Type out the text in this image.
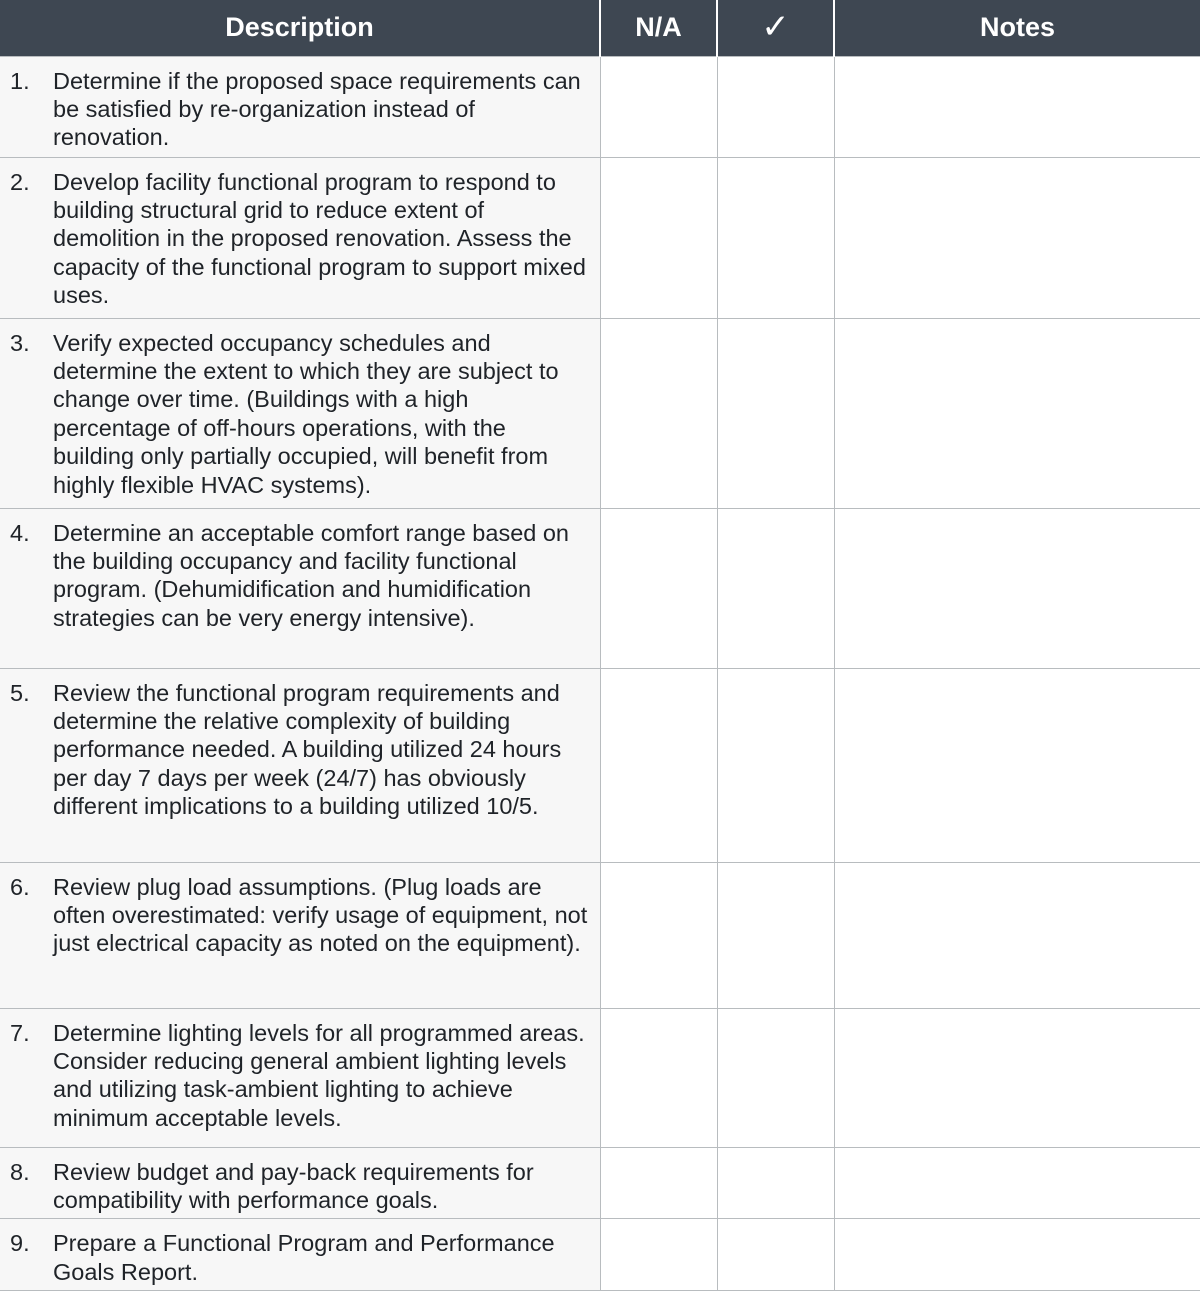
Description	N/A	✓	Notes

1. Determine if the proposed space requirements can be satisfied by re-organization instead of renovation.			

2. Develop facility functional program to respond to building structural grid to reduce extent of demolition in the proposed renovation. Assess the capacity of the functional program to support mixed uses.			

3. Verify expected occupancy schedules and determine the extent to which they are subject to change over time. (Buildings with a high percentage of off-hours operations, with the building only partially occupied, will benefit from highly flexible HVAC systems).			

4. Determine an acceptable comfort range based on the building occupancy and facility functional program. (Dehumidification and humidification strategies can be very energy intensive).			

5. Review the functional program requirements and determine the relative complexity of building performance needed. A building utilized 24 hours per day 7 days per week (24/7) has obviously different implications to a building utilized 10/5.			

6. Review plug load assumptions. (Plug loads are often overestimated: verify usage of equipment, not just electrical capacity as noted on the equipment).			

7. Determine lighting levels for all programmed areas. Consider reducing general ambient lighting levels and utilizing task-ambient lighting to achieve minimum acceptable levels.			

8. Review budget and pay-back requirements for compatibility with performance goals.			

9. Prepare a Functional Program and Performance Goals Report.			
